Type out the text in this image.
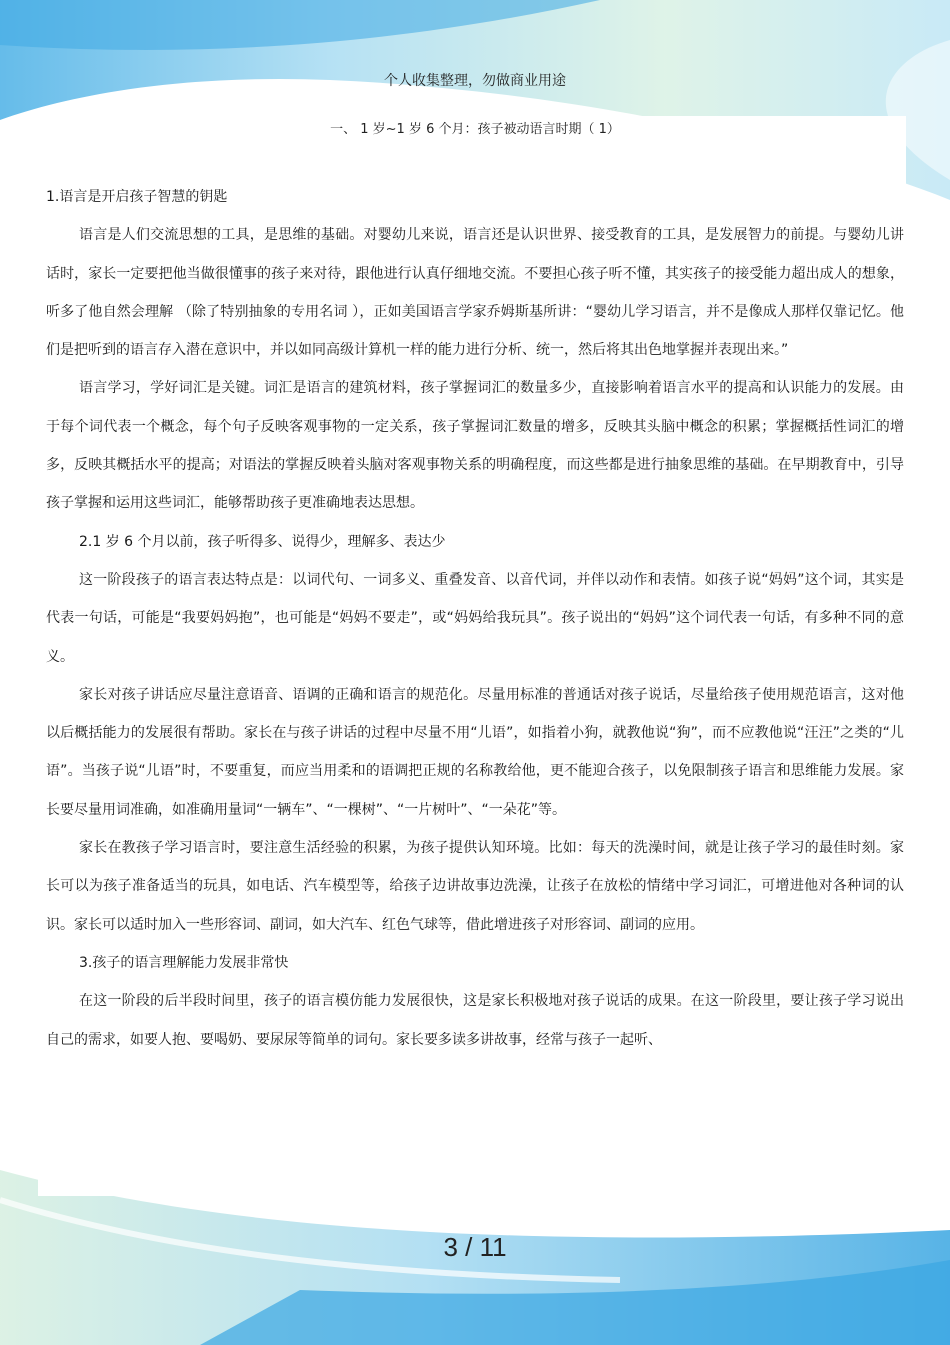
个人收集整理，勿做商业用途
一、 1 岁~1 岁 6 个月：孩子被动语言时期（ 1）

1.语言是开启孩子智慧的钥匙

语言是人们交流思想的工具，是思维的基础。对婴幼儿来说，语言还是认识世界、接受教育的工具，是发展智力的前提。与婴幼儿讲话时，家长一定要把他当做很懂事的孩子来对待，跟他进行认真仔细地交流。不要担心孩子听不懂，其实孩子的接受能力超出成人的想象， 听多了他自然会理解 （除了特别抽象的专用名词 ），正如美国语言学家乔姆斯基所讲：“婴幼儿学习语言，并不是像成人那样仅靠记忆。他们是把听到的语言存入潜在意识中，并以如同高级计算机一样的能力进行分析、统一，然后将其出色地掌握并表现出来。”

语言学习，学好词汇是关键。词汇是语言的建筑材料，孩子掌握词汇的数量多少，直接影响着语言水平的提高和认识能力的发展。由于每个词代表一个概念，每个句子反映客观事物的一定关系，孩子掌握词汇数量的增多，反映其头脑中概念的积累；掌握概括性词汇的增多，反映其概括水平的提高；对语法的掌握反映着头脑对客观事物关系的明确程度，而这些都是进行抽象思维的基础。在早期教育中，引导孩子掌握和运用这些词汇，能够帮助孩子更准确地表达思想。

2.1 岁 6 个月以前，孩子听得多、说得少，理解多、表达少

这一阶段孩子的语言表达特点是：以词代句、一词多义、重叠发音、以音代词，并伴以动作和表情。如孩子说“妈妈”这个词，其实是代表一句话，可能是“我要妈妈抱”，也可能是“妈妈不要走”，或“妈妈给我玩具”。孩子说出的“妈妈”这个词代表一句话，有多种不同的意义。

家长对孩子讲话应尽量注意语音、语调的正确和语言的规范化。尽量用标准的普通话对孩子说话，尽量给孩子使用规范语言，这对他以后概括能力的发展很有帮助。家长在与孩子讲话的过程中尽量不用“儿语”，如指着小狗，就教他说“狗”，而不应教他说“汪汪”之类的“儿语”。当孩子说“儿语”时，不要重复，而应当用柔和的语调把正规的名称教给他，更不能迎合孩子，以免限制孩子语言和思维能力发展。家长要尽量用词准确，如准确用量词“一辆车”、“一棵树”、“一片树叶”、“一朵花”等。

家长在教孩子学习语言时，要注意生活经验的积累，为孩子提供认知环境。比如：每天的洗澡时间，就是让孩子学习的最佳时刻。家长可以为孩子准备适当的玩具，如电话、汽车模型等，给孩子边讲故事边洗澡，让孩子在放松的情绪中学习词汇，可增进他对各种词的认识。家长可以适时加入一些形容词、副词，如大汽车、红色气球等，借此增进孩子对形容词、副词的应用。

3.孩子的语言理解能力发展非常快

在这一阶段的后半段时间里，孩子的语言模仿能力发展很快，这是家长积极地对孩子说话的成果。在这一阶段里，要让孩子学习说出自己的需求，如要人抱、要喝奶、要尿尿等简单的词句。家长要多读多讲故事，经常与孩子一起听、

3 / 11
